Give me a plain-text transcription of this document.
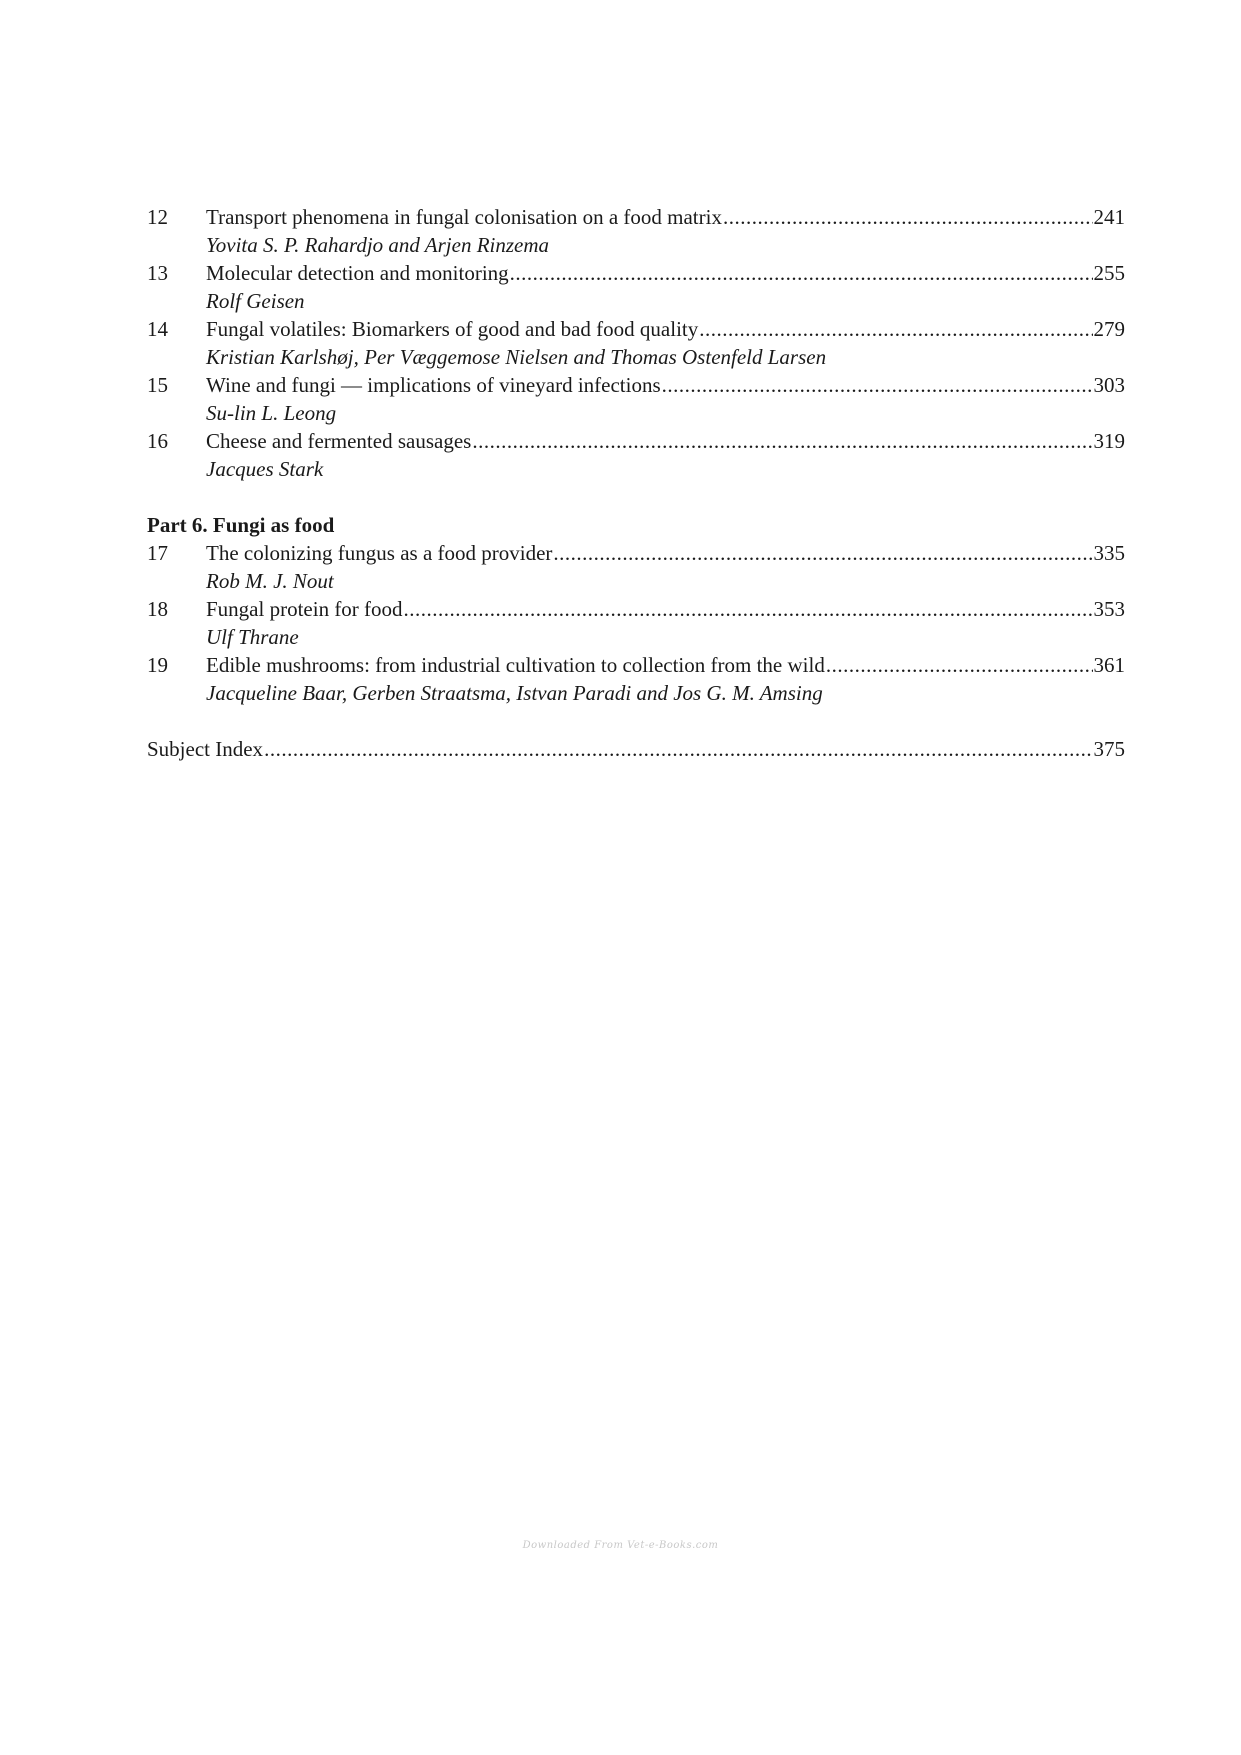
12	Transport phenomena in fungal colonisation on a food matrix .....	241
Yovita S. P. Rahardjo and Arjen Rinzema
13	Molecular detection and monitoring .....	255
Rolf Geisen
14	Fungal volatiles: Biomarkers of good and bad food quality .....	279
Kristian Karlshøj, Per Væggemose Nielsen and Thomas Ostenfeld Larsen
15	Wine and fungi — implications of vineyard infections .....	303
Su-lin L. Leong
16	Cheese and fermented sausages .....	319
Jacques Stark
Part 6. Fungi as food
17	The colonizing fungus as a food provider .....	335
Rob M. J. Nout
18	Fungal protein for food .....	353
Ulf Thrane
19	Edible mushrooms: from industrial cultivation to collection from the wild .....	361
Jacqueline Baar, Gerben Straatsma, Istvan Paradi and Jos G. M. Amsing
Subject Index .....	375
Downloaded From Vet-e-Books.com
